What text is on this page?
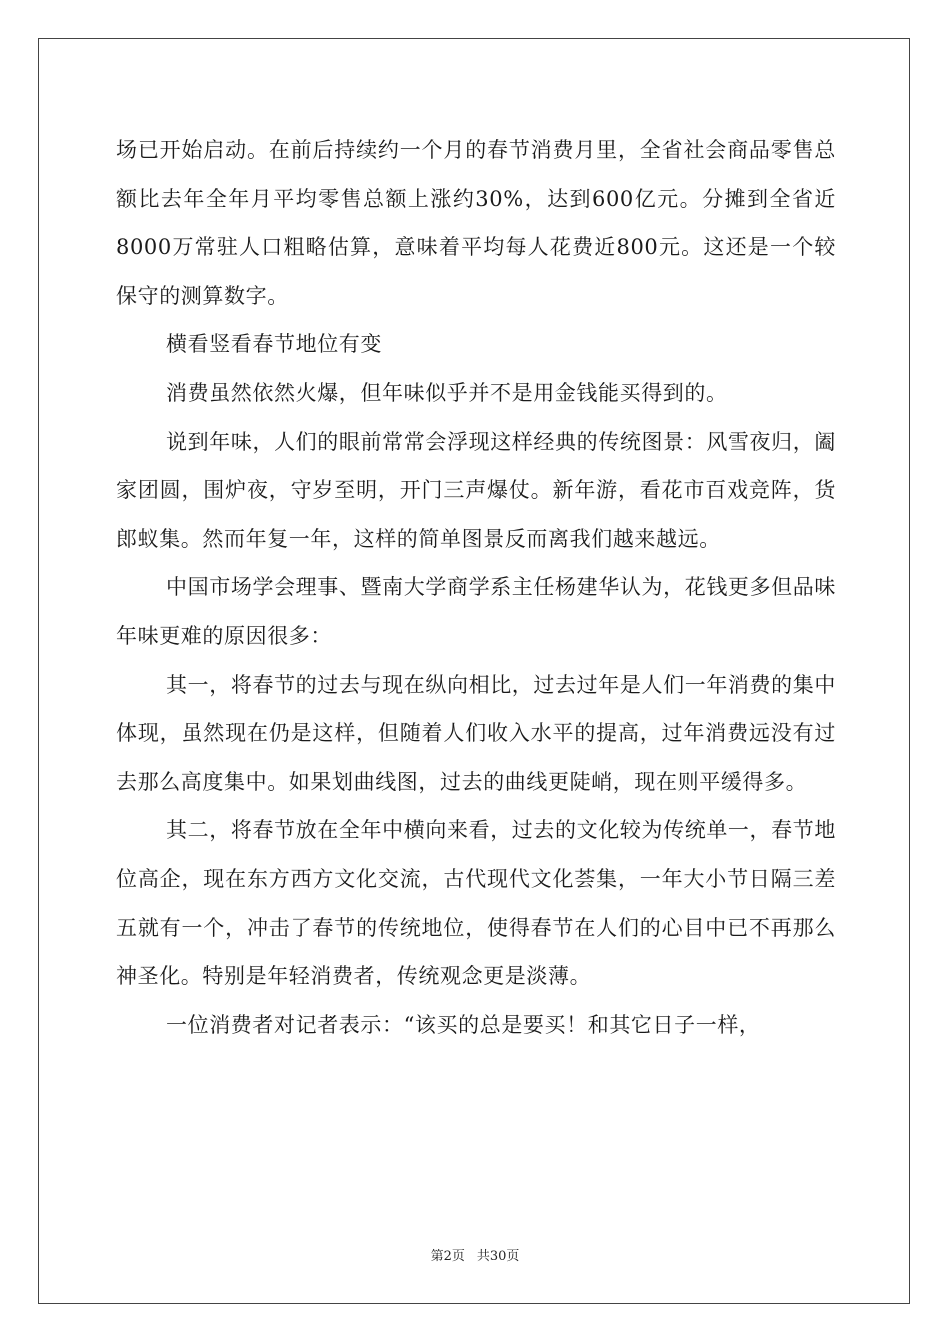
场已开始启动。在前后持续约一个月的春节消费月里，全省社会商品零售总额比去年全年月平均零售总额上涨约30%，达到600亿元。分摊到全省近8000万常驻人口粗略估算，意味着平均每人花费近800元。这还是一个较保守的测算数字。

横看竖看春节地位有变

消费虽然依然火爆，但年味似乎并不是用金钱能买得到的。

说到年味，人们的眼前常常会浮现这样经典的传统图景：风雪夜归，阖家团圆，围炉夜，守岁至明，开门三声爆仗。新年游，看花市百戏竞阵，货郎蚁集。然而年复一年，这样的简单图景反而离我们越来越远。

中国市场学会理事、暨南大学商学系主任杨建华认为，花钱更多但品味年味更难的原因很多：

其一，将春节的过去与现在纵向相比，过去过年是人们一年消费的集中体现，虽然现在仍是这样，但随着人们收入水平的提高，过年消费远没有过去那么高度集中。如果划曲线图，过去的曲线更陡峭，现在则平缓得多。

其二，将春节放在全年中横向来看，过去的文化较为传统单一，春节地位高企，现在东方西方文化交流，古代现代文化荟集，一年大小节日隔三差五就有一个，冲击了春节的传统地位，使得春节在人们的心目中已不再那么神圣化。特别是年轻消费者，传统观念更是淡薄。

一位消费者对记者表示：“该买的总是要买！和其它日子一样，

第2页 共30页
